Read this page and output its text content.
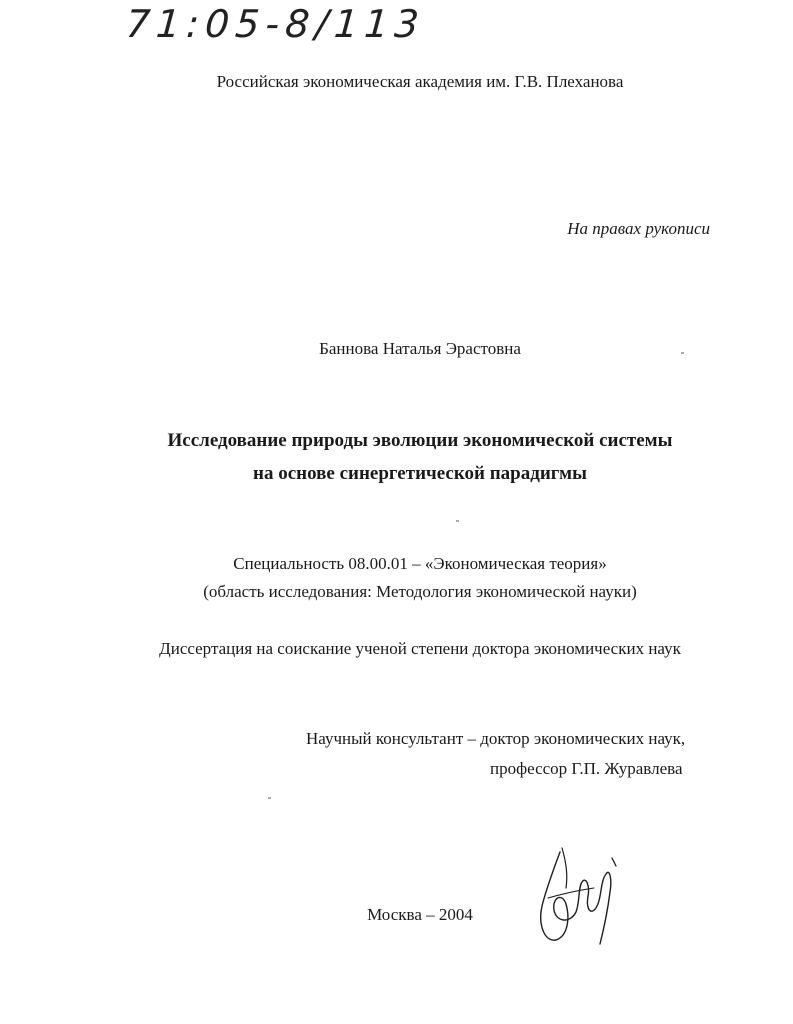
71:05-8/113
Российская экономическая академия им. Г.В. Плеханова
На правах рукописи
Баннова Наталья Эрастовна
Исследование природы эволюции экономической системы
на основе синергетической парадигмы
Специальность 08.00.01 – «Экономическая теория»
(область исследования: Методология экономической науки)
Диссертация на соискание ученой степени доктора экономических наук
Научный консультант – доктор экономических наук,
профессор Г.П. Журавлева
Москва – 2004
